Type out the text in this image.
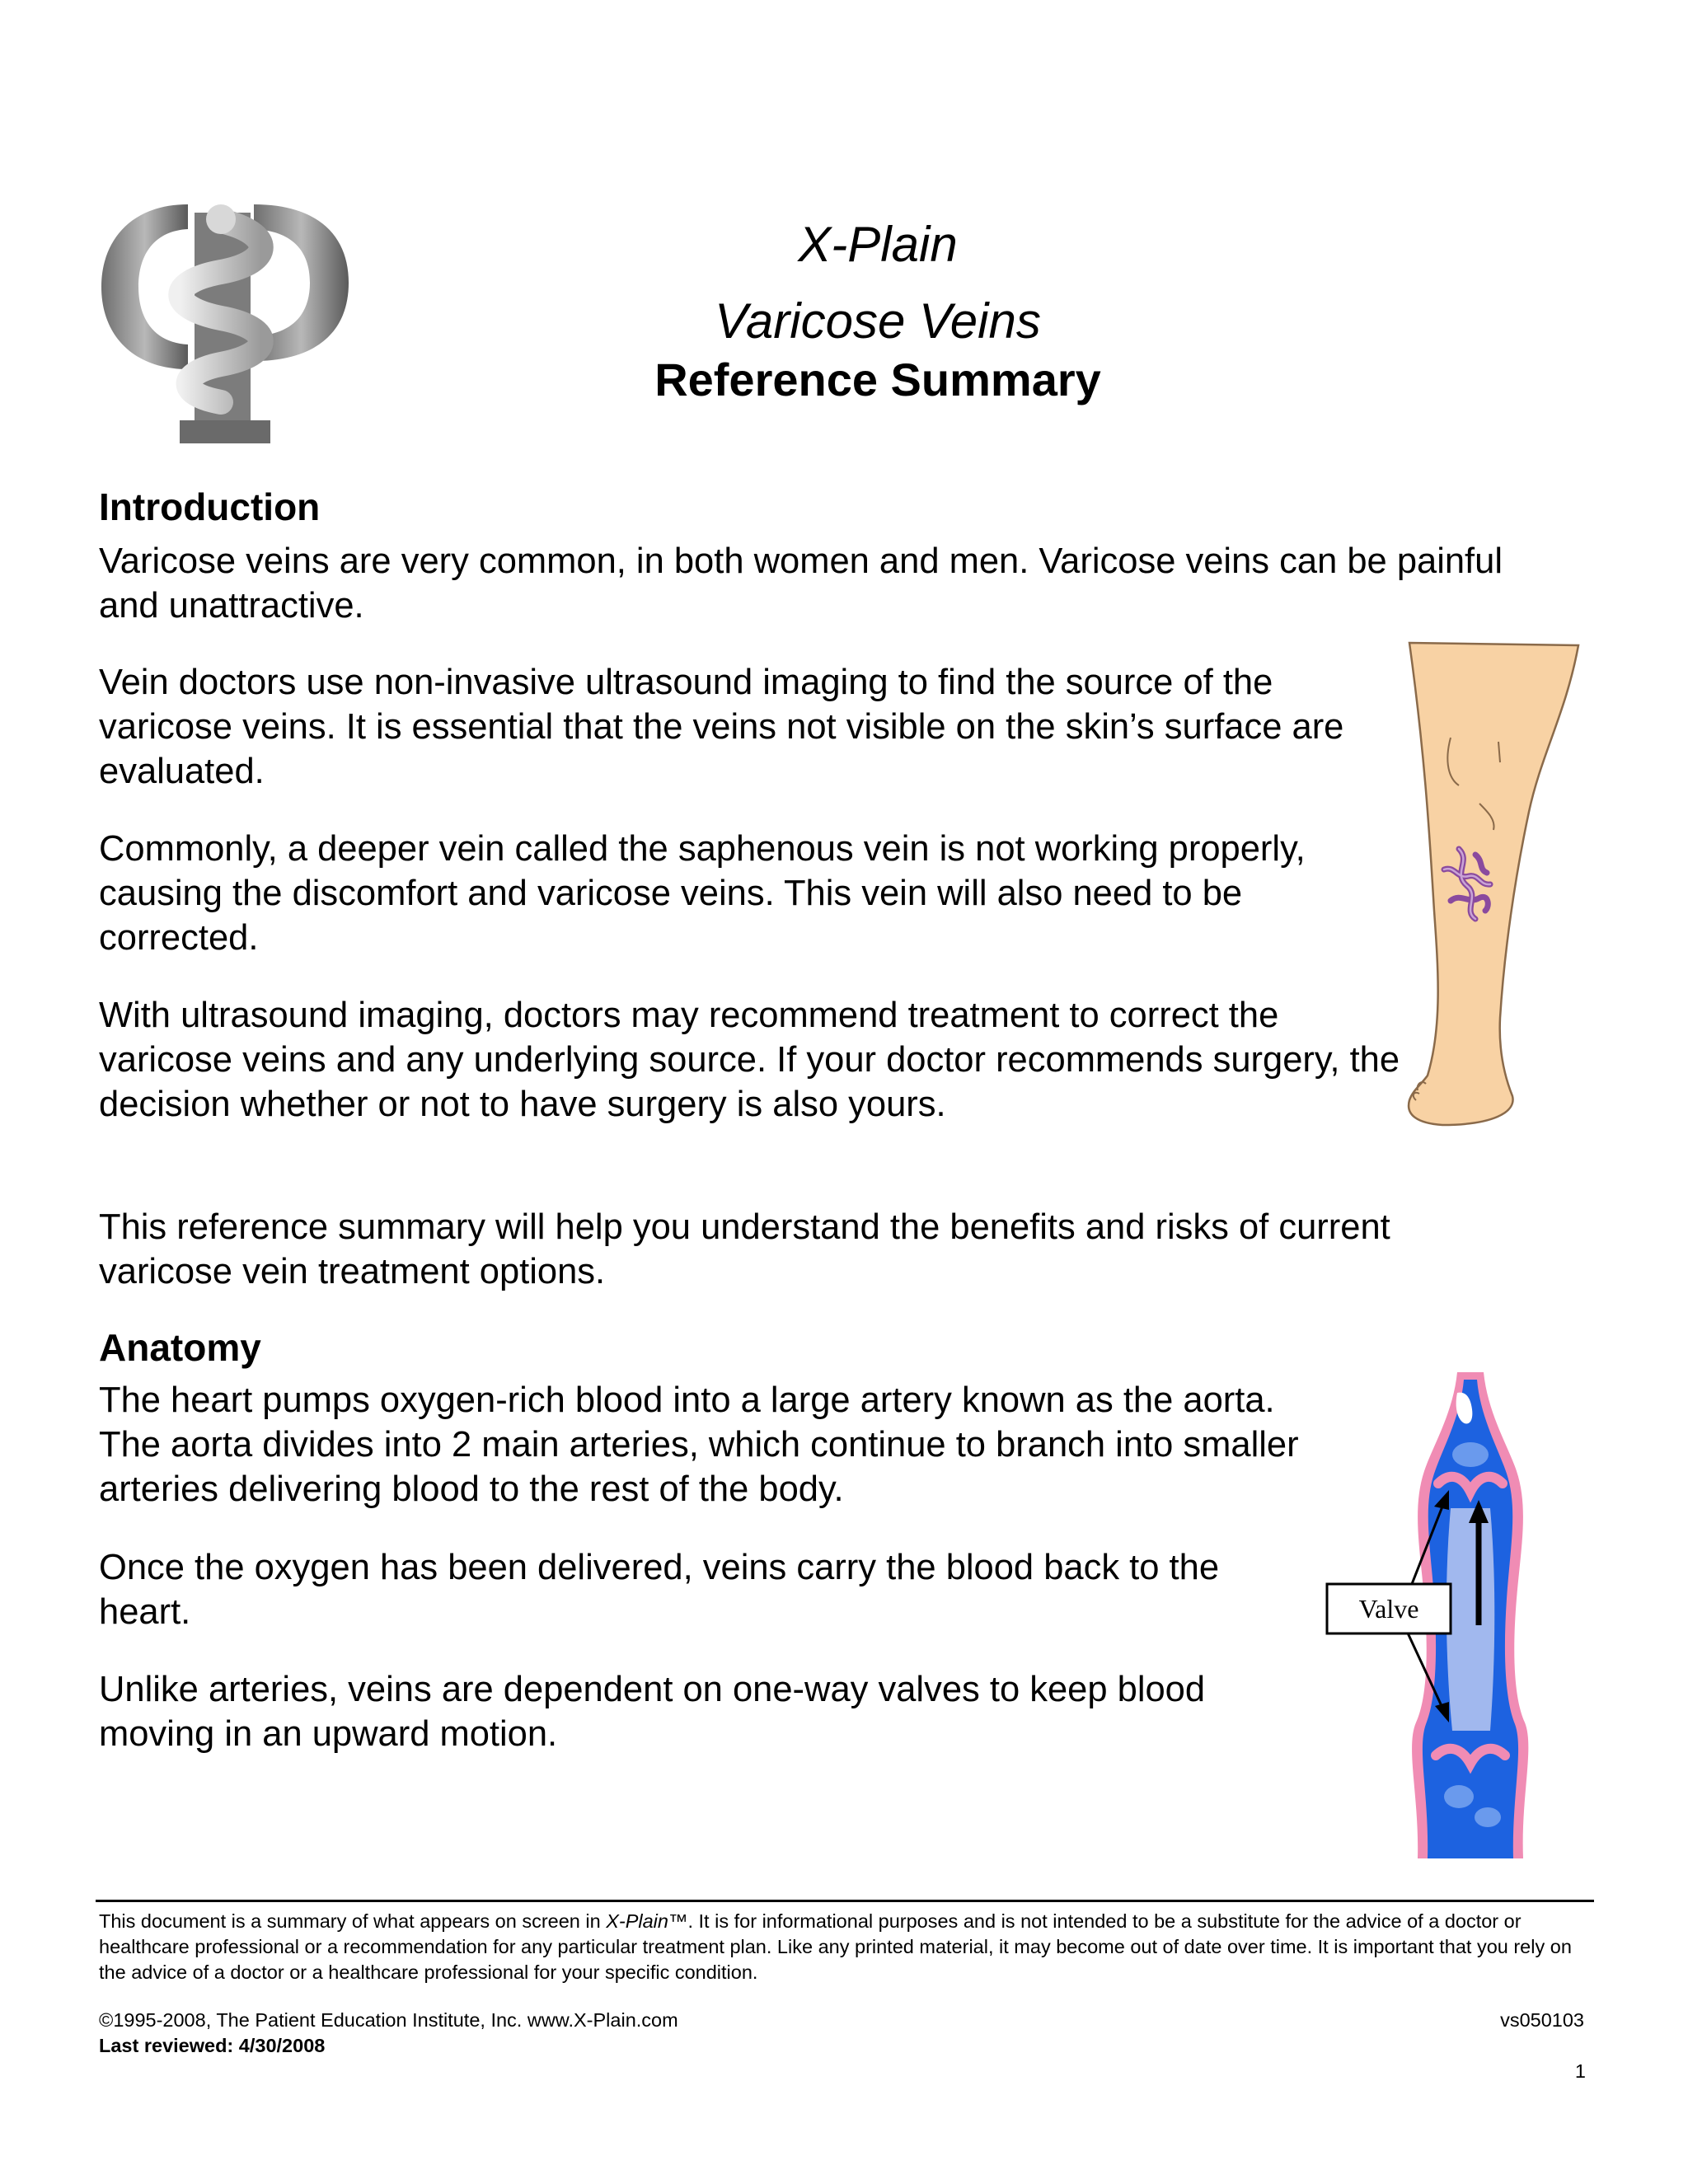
X-Plain
Varicose Veins
Reference Summary
Introduction

Varicose veins are very common, in both women and men. Varicose veins can be painful and unattractive.

Vein doctors use non-invasive ultrasound imaging to find the source of the varicose veins. It is essential that the veins not visible on the skin’s surface are evaluated.

Commonly, a deeper vein called the saphenous vein is not working properly, causing the discomfort and varicose veins. This vein will also need to be corrected.

With ultrasound imaging, doctors may recommend treatment to correct the varicose veins and any underlying source. If your doctor recommends surgery, the decision whether or not to have surgery is also yours.

This reference summary will help you understand the benefits and risks of current varicose vein treatment options.

Anatomy

The heart pumps oxygen-rich blood into a large artery known as the aorta. The aorta divides into 2 main arteries, which continue to branch into smaller arteries delivering blood to the rest of the body.

Once the oxygen has been delivered, veins carry the blood back to the heart.

Unlike arteries, veins are dependent on one-way valves to keep blood moving in an upward motion.

Valve

This document is a summary of what appears on screen in X-Plain™. It is for informational purposes and is not intended to be a substitute for the advice of a doctor or healthcare professional or a recommendation for any particular treatment plan. Like any printed material, it may become out of date over time. It is important that you rely on the advice of a doctor or a healthcare professional for your specific condition.

©1995-2008, The Patient Education Institute, Inc. www.X-Plain.com	vs050103
Last reviewed: 4/30/2008
1
